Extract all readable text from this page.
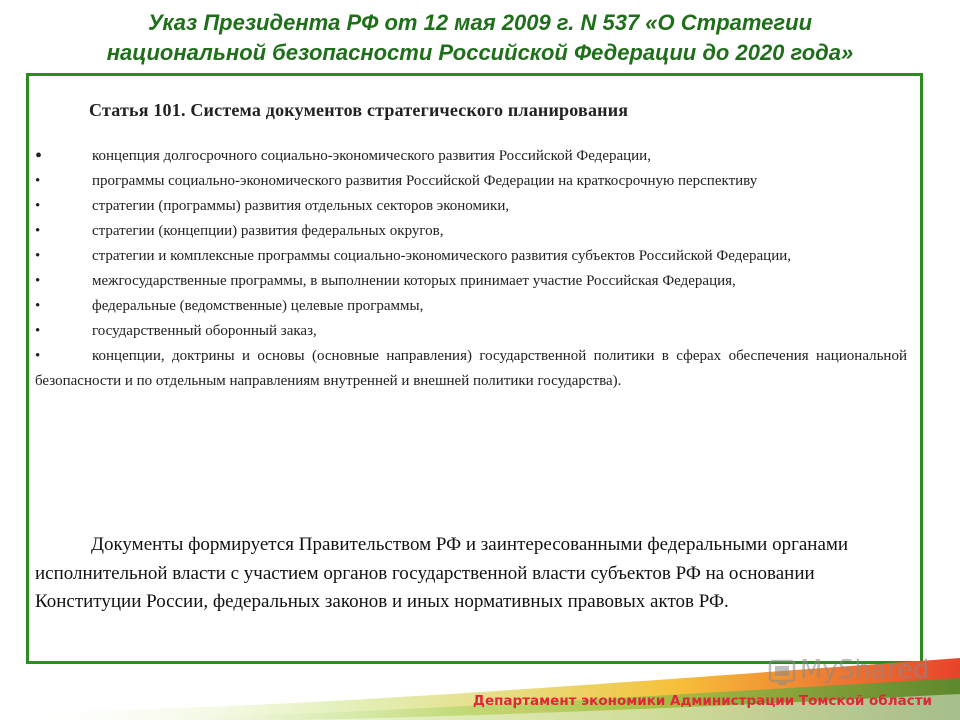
Указ Президента РФ от 12 мая 2009 г. N 537 «О Стратегии
национальной безопасности Российской Федерации до 2020 года»
Статья 101. Система документов стратегического планирования
•	концепция долгосрочного социально-экономического развития Российской Федерации,
•	программы социально-экономического развития Российской Федерации на краткосрочную перспективу
•	стратегии (программы) развития отдельных секторов экономики,
•	стратегии (концепции) развития федеральных округов,
•	стратегии и комплексные программы социально-экономического развития субъектов Российской Федерации,
•	межгосударственные программы, в выполнении которых принимает участие Российская Федерация,
•	федеральные (ведомственные) целевые программы,
•	государственный оборонный заказ,
•	концепции, доктрины и основы (основные направления) государственной политики в сферах обеспечения национальной безопасности и по отдельным направлениям внутренней и внешней политики государства).

Документы формируется Правительством РФ и заинтересованными федеральными органами исполнительной власти с участием органов государственной власти субъектов РФ на основании Конституции России, федеральных законов и иных нормативных правовых актов РФ.

MyShared
Департамент экономики Администрации Томской области
